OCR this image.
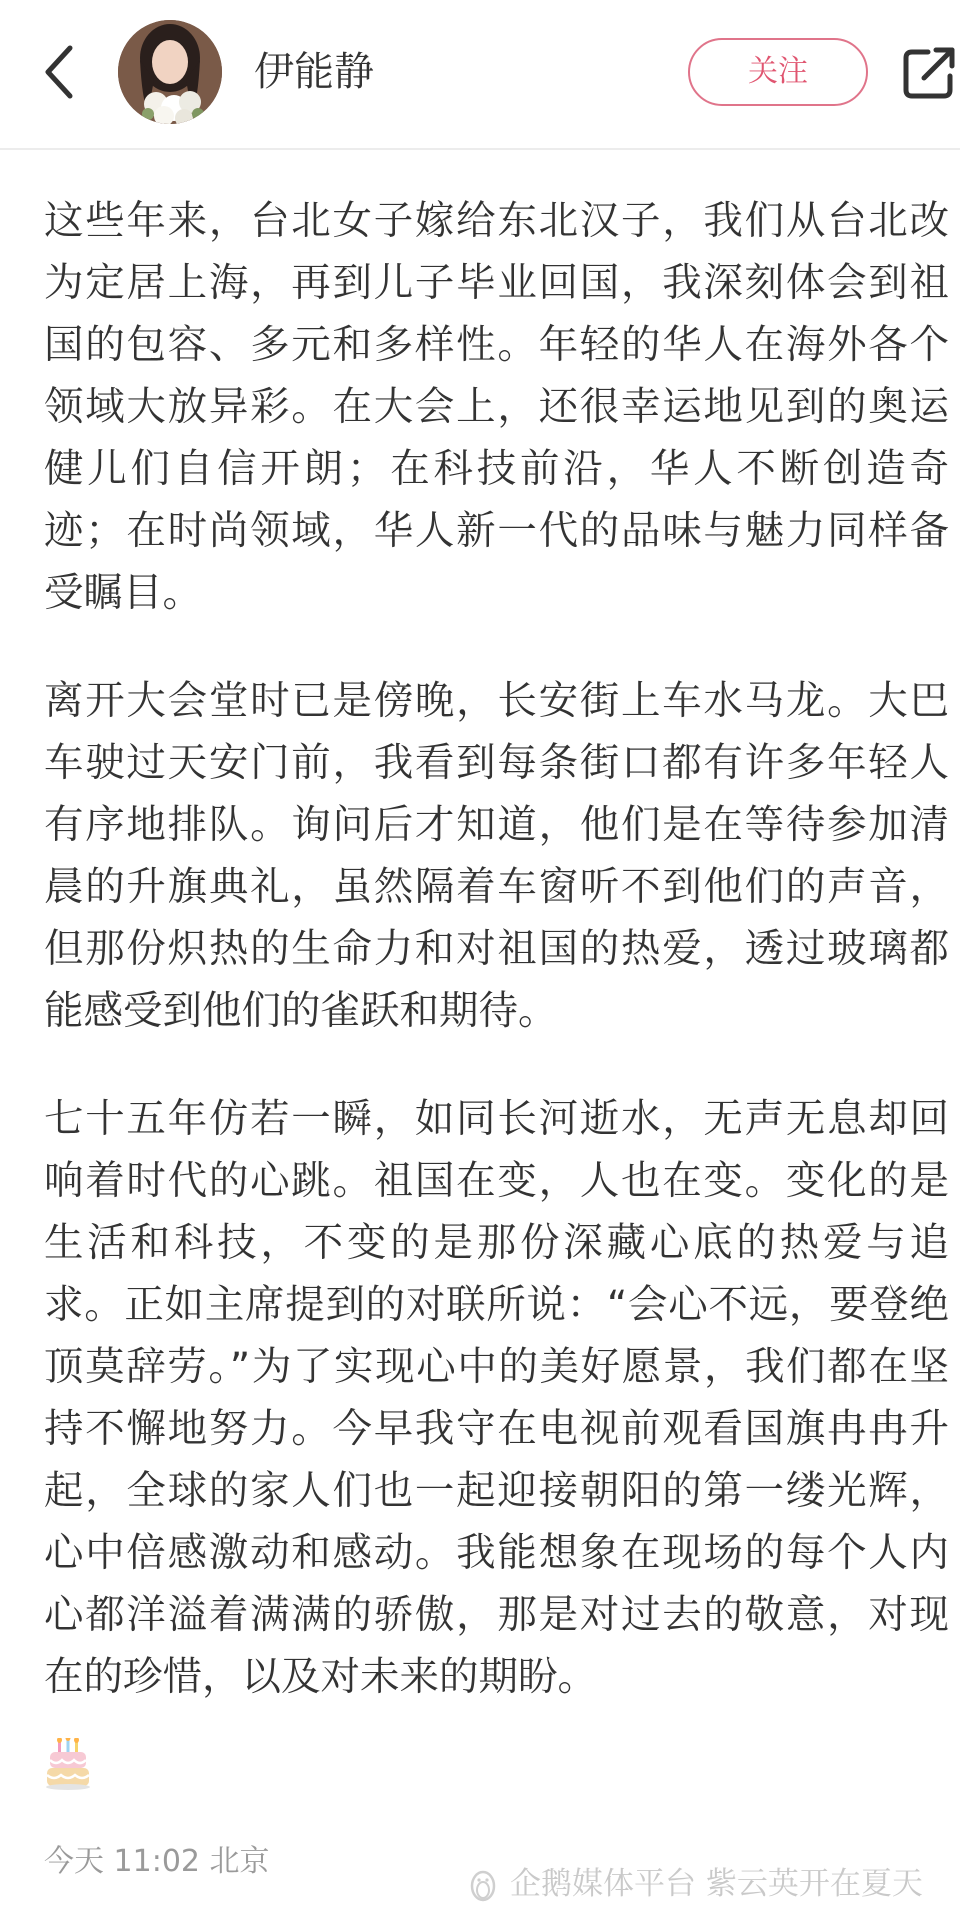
伊能静	关注

这些年来，台北女子嫁给东北汉子，我们从台北改为定居上海，再到儿子毕业回国，我深刻体会到祖国的包容、多元和多样性。年轻的华人在海外各个领域大放异彩。在大会上，还很幸运地见到的奥运健儿们自信开朗；在科技前沿，华人不断创造奇迹；在时尚领域，华人新一代的品味与魅力同样备受瞩目。

离开大会堂时已是傍晚，长安街上车水马龙。大巴车驶过天安门前，我看到每条街口都有许多年轻人有序地排队。询问后才知道，他们是在等待参加清晨的升旗典礼，虽然隔着车窗听不到他们的声音，但那份炽热的生命力和对祖国的热爱，透过玻璃都能感受到他们的雀跃和期待。

七十五年仿若一瞬，如同长河逝水，无声无息却回响着时代的心跳。祖国在变，人也在变。变化的是生活和科技，不变的是那份深藏心底的热爱与追求。正如主席提到的对联所说：“会心不远，要登绝顶莫辞劳。”为了实现心中的美好愿景，我们都在坚持不懈地努力。今早我守在电视前观看国旗冉冉升起，全球的家人们也一起迎接朝阳的第一缕光辉，心中倍感激动和感动。我能想象在现场的每个人内心都洋溢着满满的骄傲，那是对过去的敬意，对现在的珍惜，以及对未来的期盼。

今天 11:02 北京
企鹅媒体平台 紫云英开在夏天
